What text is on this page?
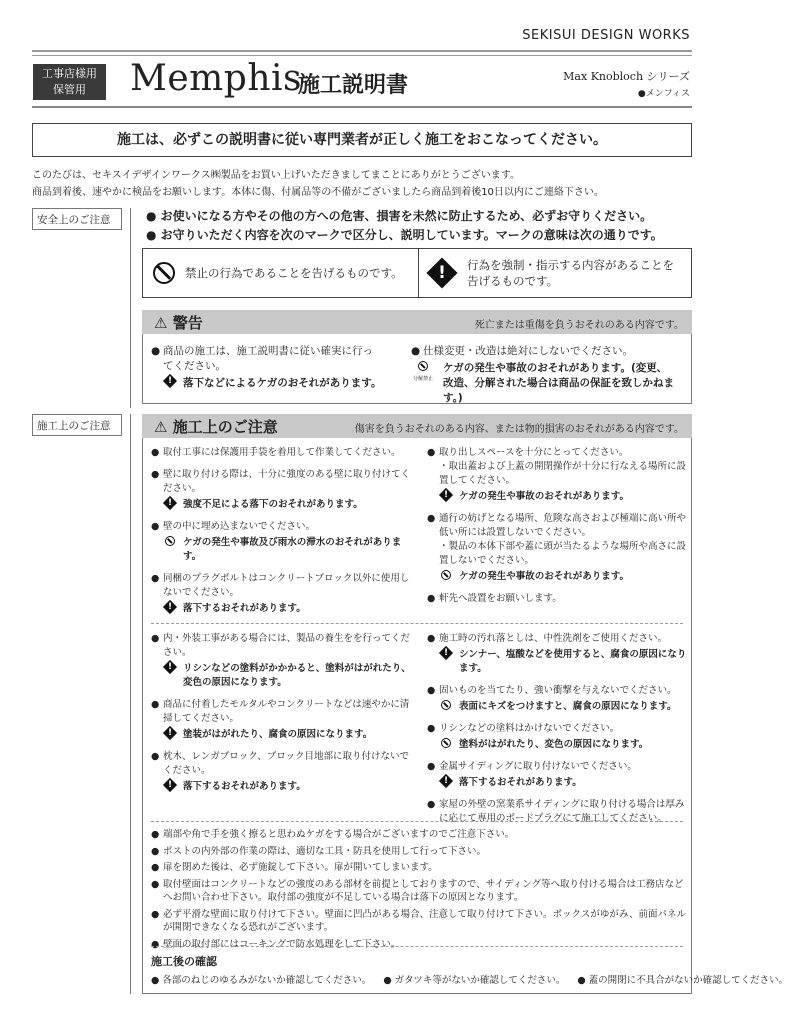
SEKISUI DESIGN WORKS
工事店様用
保管用	Memphis
施工説明書	Max Knobloch シリーズ
●メンフィス
施工は、必ずこの説明書に従い専門業者が正しく施工をおこなってください。
このたびは、セキスイデザインワークス㈱製品をお買い上げいただきましてまことにありがとうございます。
商品到着後、速やかに検品をお願いします。本体に傷、付属品等の不備がございましたら商品到着後10日以内にご連絡下さい。
安全上のご注意	● お使いになる方やその他の方への危害、損害を未然に防止するため、必ずお守りください。
● お守りいただく内容を次のマークで区分し、説明しています。マークの意味は次の通りです。
禁止の行為であることを告げるものです。	!	行為を強制・指示する内容があることを
告げるものです。
⚠ 警告	死亡または重傷を負うおそれのある内容です。
● 商品の施工は、施工説明書に従い確実に行っ
てください。
! 落下などによるケガのおそれがあります。
● 仕様変更・改造は絶対にしないでください。
分解禁止
ケガの発生や事故のおそれがあります。(変更、
改造、分解された場合は商品の保証を致しかねます。)
施工上のご注意	⚠ 施工上のご注意	傷害を負うおそれのある内容、または物的損害のおそれがある内容です。
● 取付工事には保護用手袋を着用して作業してください。
● 壁に取り付ける際は、十分に強度のある壁に取り付けてください。
!	強度不足による落下のおそれがあります。
● 壁の中に埋め込まないでください。
ケガの発生や事故及び雨水の滞水のおそれがあります。
● 同梱のプラグボルトはコンクリートブロック以外に使用しないでください。
!	落下するおそれがあります。
● 取り出しスペースを十分にとってください。
・取出蓋および上蓋の開閉操作が十分に行なえる場所に設置してください。
!	ケガの発生や事故のおそれがあります。
● 通行の妨げとなる場所、危険な高さおよび極端に高い所や低い所には設置しないでください。
・製品の本体下部や蓋に頭が当たるような場所や高さに設置しないでください。
ケガの発生や事故のおそれがあります。
● 軒先へ設置をお願いします。
● 内・外装工事がある場合には、製品の養生をを行ってください。
!	リシンなどの塗料がかかかると、塗料がはがれたり、変色の原因になります。
● 商品に付着したモルタルやコンクリートなどは速やかに清掃してください。
!	塗装がはがれたり、腐食の原因になります。
● 枕木、レンガブロック、ブロック目地部に取り付けないでください。
!	落下するおそれがあります。
● 施工時の汚れ落としは、中性洗剤をご使用ください。
!	シンナー、塩酸などを使用すると、腐食の原因になります。
● 固いものを当てたり、強い衝撃を与えないでください。
表面にキズをつけますと、腐食の原因になります。
● リシンなどの塗料はかけないでください。
塗料がはがれたり、変色の原因になります。
● 金属サイディングに取り付けないでください。
!	落下するおそれがあります。
● 家屋の外壁の窯業系サイディングに取り付ける場合は厚みに応じて専用のボードプラグにて施工してください。
● 端部や角で手を強く擦ると思わぬケガをする場合がございますのでご注意下さい。
● ポストの内外部の作業の際は、適切な工具・防具を使用して行って下さい。
● 扉を閉めた後は、必ず施錠して下さい。扉が開いてしまいます。
● 取付壁面はコンクリートなどの強度のある部材を前提としておりますので、サイディング等へ取り付ける場合は工務店などへお問い合わせ下さい。取付部の強度が不足している場合は落下の原因となります。
● 必ず平滑な壁面に取り付けて下さい。壁面に凹凸がある場合、注意して取り付けて下さい。ボックスがゆがみ、前面パネルが開閉できなくなる恐れがございます。
● 壁面の取付部にはコーキングで防水処理をして下さい。
施工後の確認
● 各部のねじのゆるみがないか確認してください。 ● ガタツキ等がないか確認してください。 ● 蓋の開閉に不具合がないか確認してください。
